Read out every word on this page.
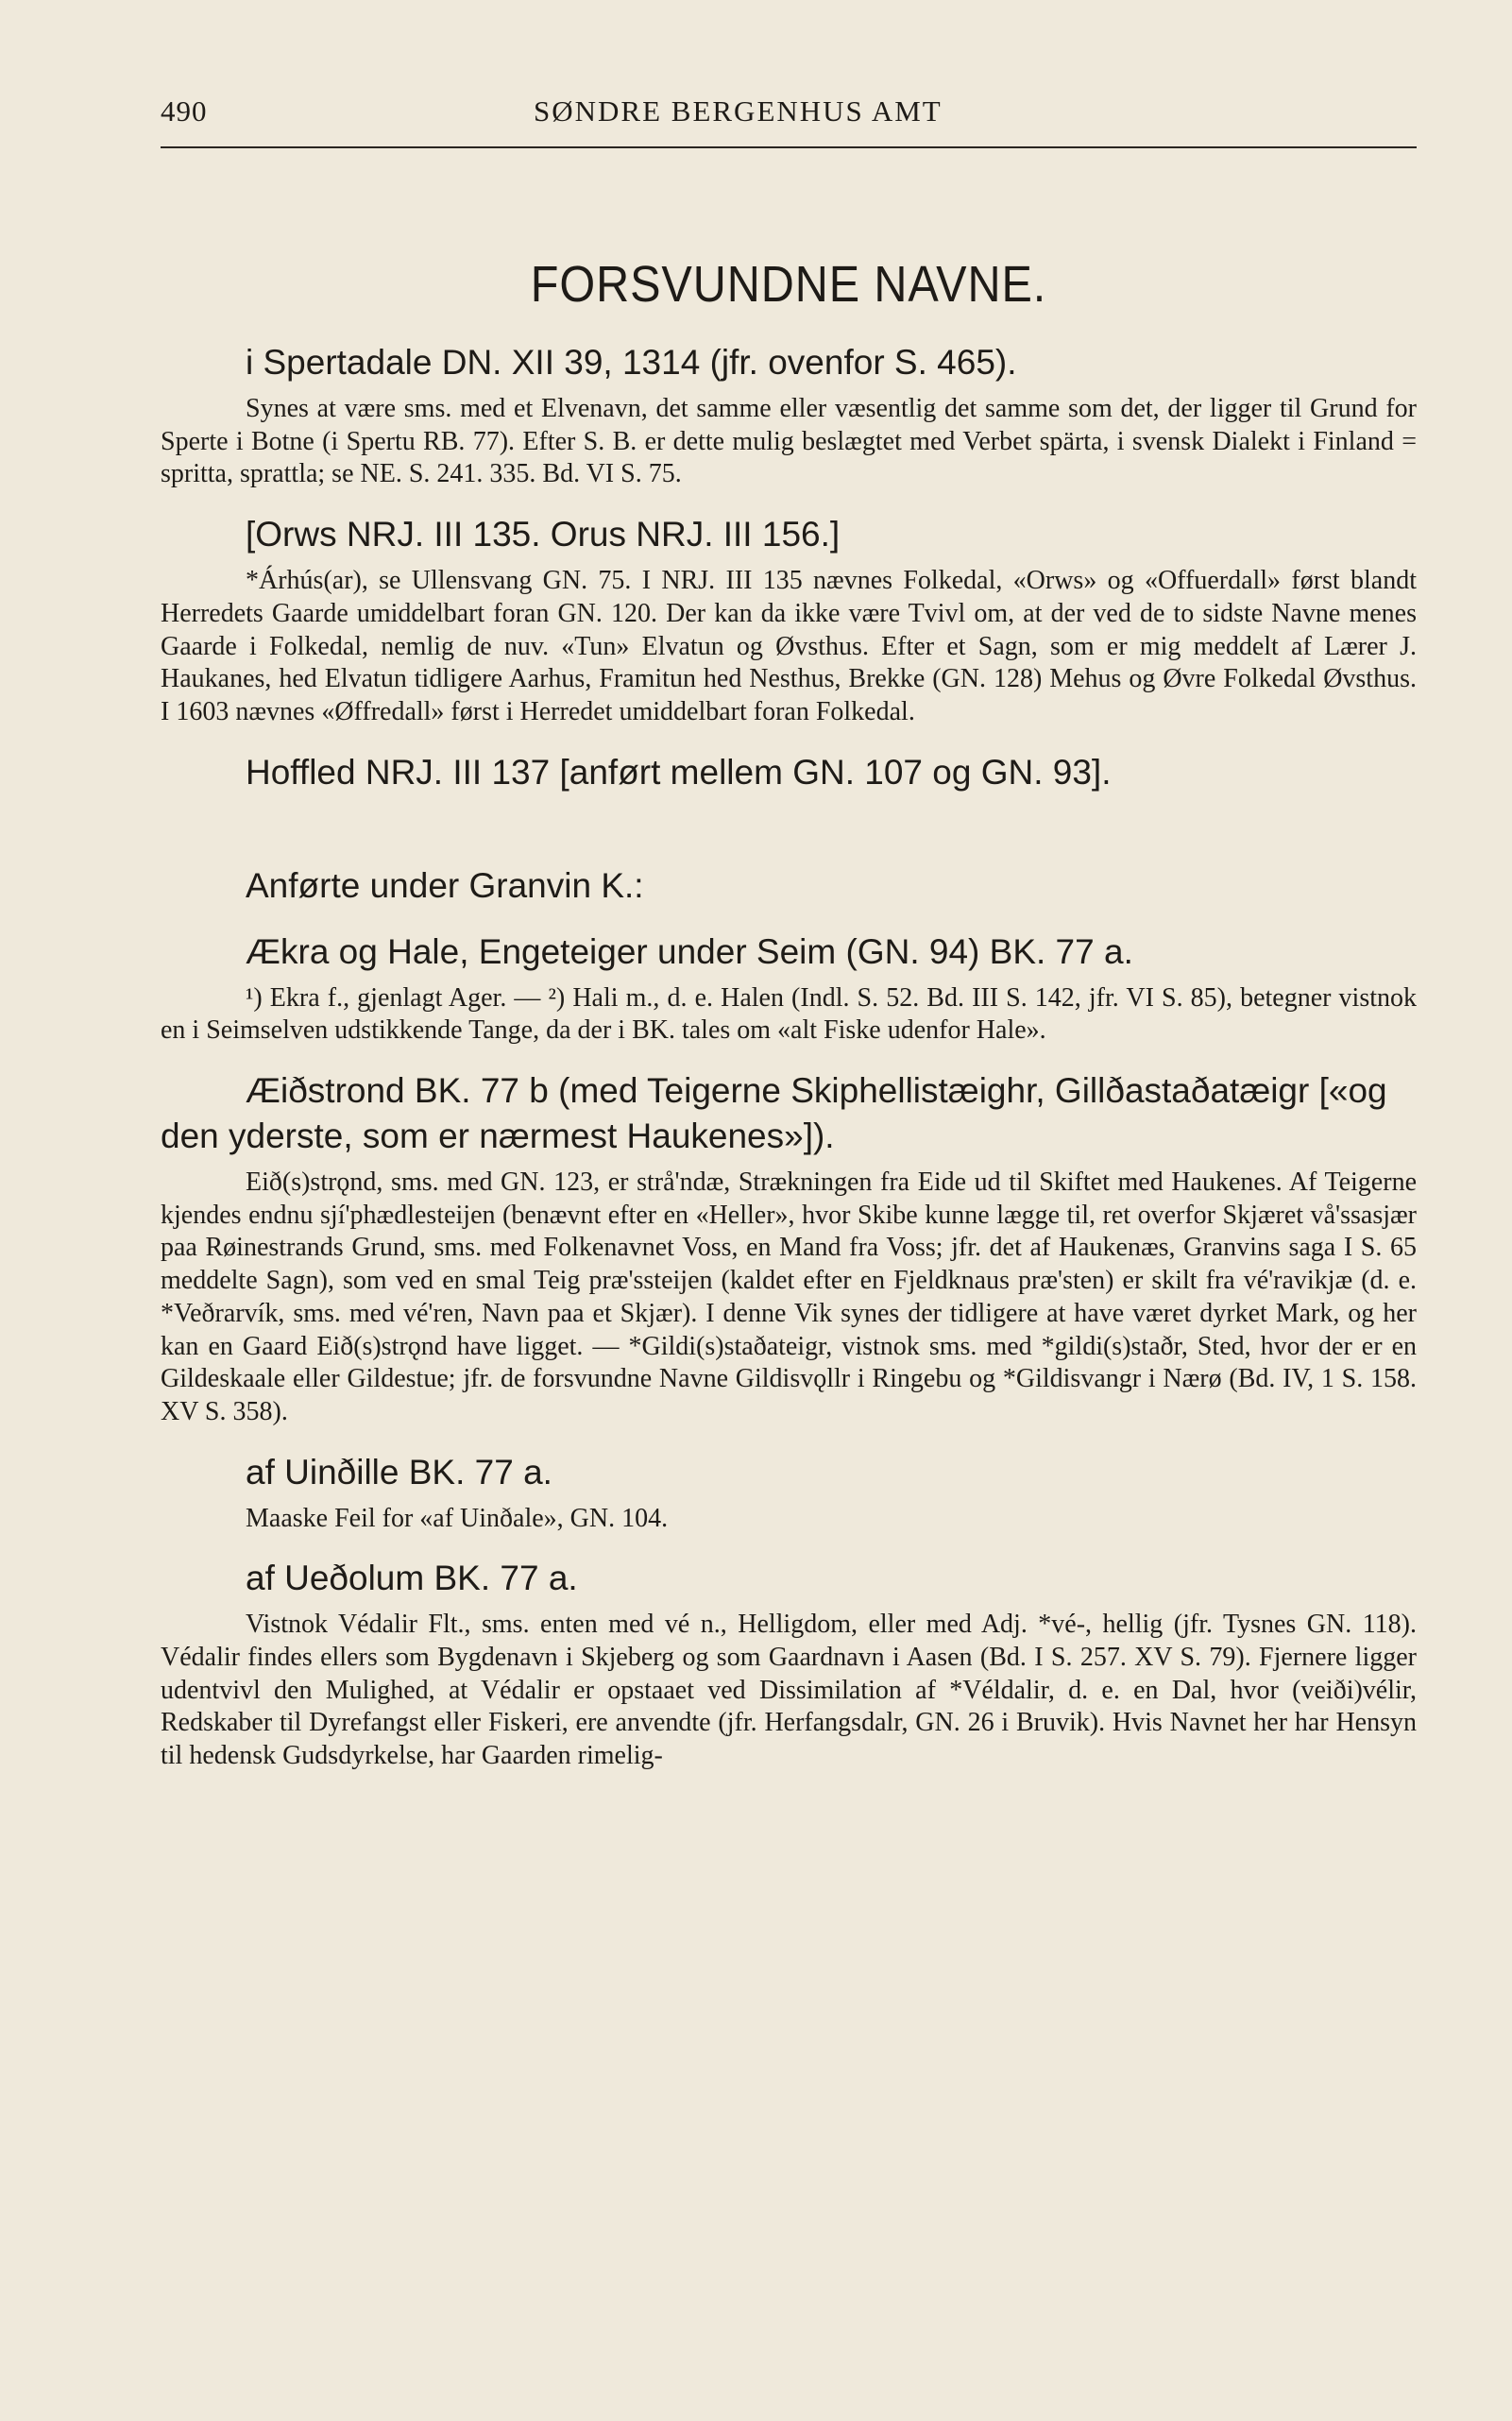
490	SØNDRE BERGENHUS AMT
FORSVUNDNE NAVNE.

i Spertadale DN. XII 39, 1314 (jfr. ovenfor S. 465).

Synes at være sms. med et Elvenavn, det samme eller væsentlig det samme som det, der ligger til Grund for Sperte i Botne (i Spertu RB. 77). Efter S. B. er dette mulig beslægtet med Verbet spärta, i svensk Dialekt i Finland = spritta, sprattla; se NE. S. 241. 335. Bd. VI S. 75.

[Orws NRJ. III 135. Orus NRJ. III 156.]

*Árhús(ar), se Ullensvang GN. 75. I NRJ. III 135 nævnes Folkedal, «Orws» og «Offuerdall» først blandt Herredets Gaarde umiddelbart foran GN. 120. Der kan da ikke være Tvivl om, at der ved de to sidste Navne menes Gaarde i Folkedal, nemlig de nuv. «Tun» Elvatun og Øvsthus. Efter et Sagn, som er mig meddelt af Lærer J. Haukanes, hed Elvatun tidligere Aarhus, Framitun hed Nesthus, Brekke (GN. 128) Mehus og Øvre Folkedal Øvsthus. I 1603 nævnes «Øffredall» først i Herredet umiddelbart foran Folkedal.

Hoffled NRJ. III 137 [anført mellem GN. 107 og GN. 93].

Anførte under Granvin K.:

Ækra og Hale, Engeteiger under Seim (GN. 94) BK. 77 a.

¹) Ekra f., gjenlagt Ager. — ²) Hali m., d. e. Halen (Indl. S. 52. Bd. III S. 142, jfr. VI S. 85), betegner vistnok en i Seimselven udstikkende Tange, da der i BK. tales om «alt Fiske udenfor Hale».

Æiðstrond BK. 77 b (med Teigerne Skiphellistæighr, Gillðastaðatæigr [«og den yderste, som er nærmest Haukenes»]).

Eið(s)strǫnd, sms. med GN. 123, er strå'ndæ, Strækningen fra Eide ud til Skiftet med Haukenes. Af Teigerne kjendes endnu sjí'phædlesteijen (benævnt efter en «Heller», hvor Skibe kunne lægge til, ret overfor Skjæret vå'ssasjær paa Røinestrands Grund, sms. med Folkenavnet Voss, en Mand fra Voss; jfr. det af Haukenæs, Granvins saga I S. 65 meddelte Sagn), som ved en smal Teig præ'ssteijen (kaldet efter en Fjeldknaus præ'sten) er skilt fra vé'ravikjæ (d. e. *Veðrarvík, sms. med vé'ren, Navn paa et Skjær). I denne Vik synes der tidligere at have været dyrket Mark, og her kan en Gaard Eið(s)strǫnd have ligget. — *Gildi(s)staðateigr, vistnok sms. med *gildi(s)staðr, Sted, hvor der er en Gildeskaale eller Gildestue; jfr. de forsvundne Navne Gildisvǫllr i Ringebu og *Gildisvangr i Nærø (Bd. IV, 1 S. 158. XV S. 358).

af Uinðille BK. 77 a.

Maaske Feil for «af Uinðale», GN. 104.

af Ueðolum BK. 77 a.

Vistnok Védalir Flt., sms. enten med vé n., Helligdom, eller med Adj. *vé-, hellig (jfr. Tysnes GN. 118). Védalir findes ellers som Bygdenavn i Skjeberg og som Gaardnavn i Aasen (Bd. I S. 257. XV S. 79). Fjernere ligger udentvivl den Mulighed, at Védalir er opstaaet ved Dissimilation af *Véldalir, d. e. en Dal, hvor (veiði)vélir, Redskaber til Dyrefangst eller Fiskeri, ere anvendte (jfr. Herfangsdalr, GN. 26 i Bruvik). Hvis Navnet her har Hensyn til hedensk Gudsdyrkelse, har Gaarden rimelig-
